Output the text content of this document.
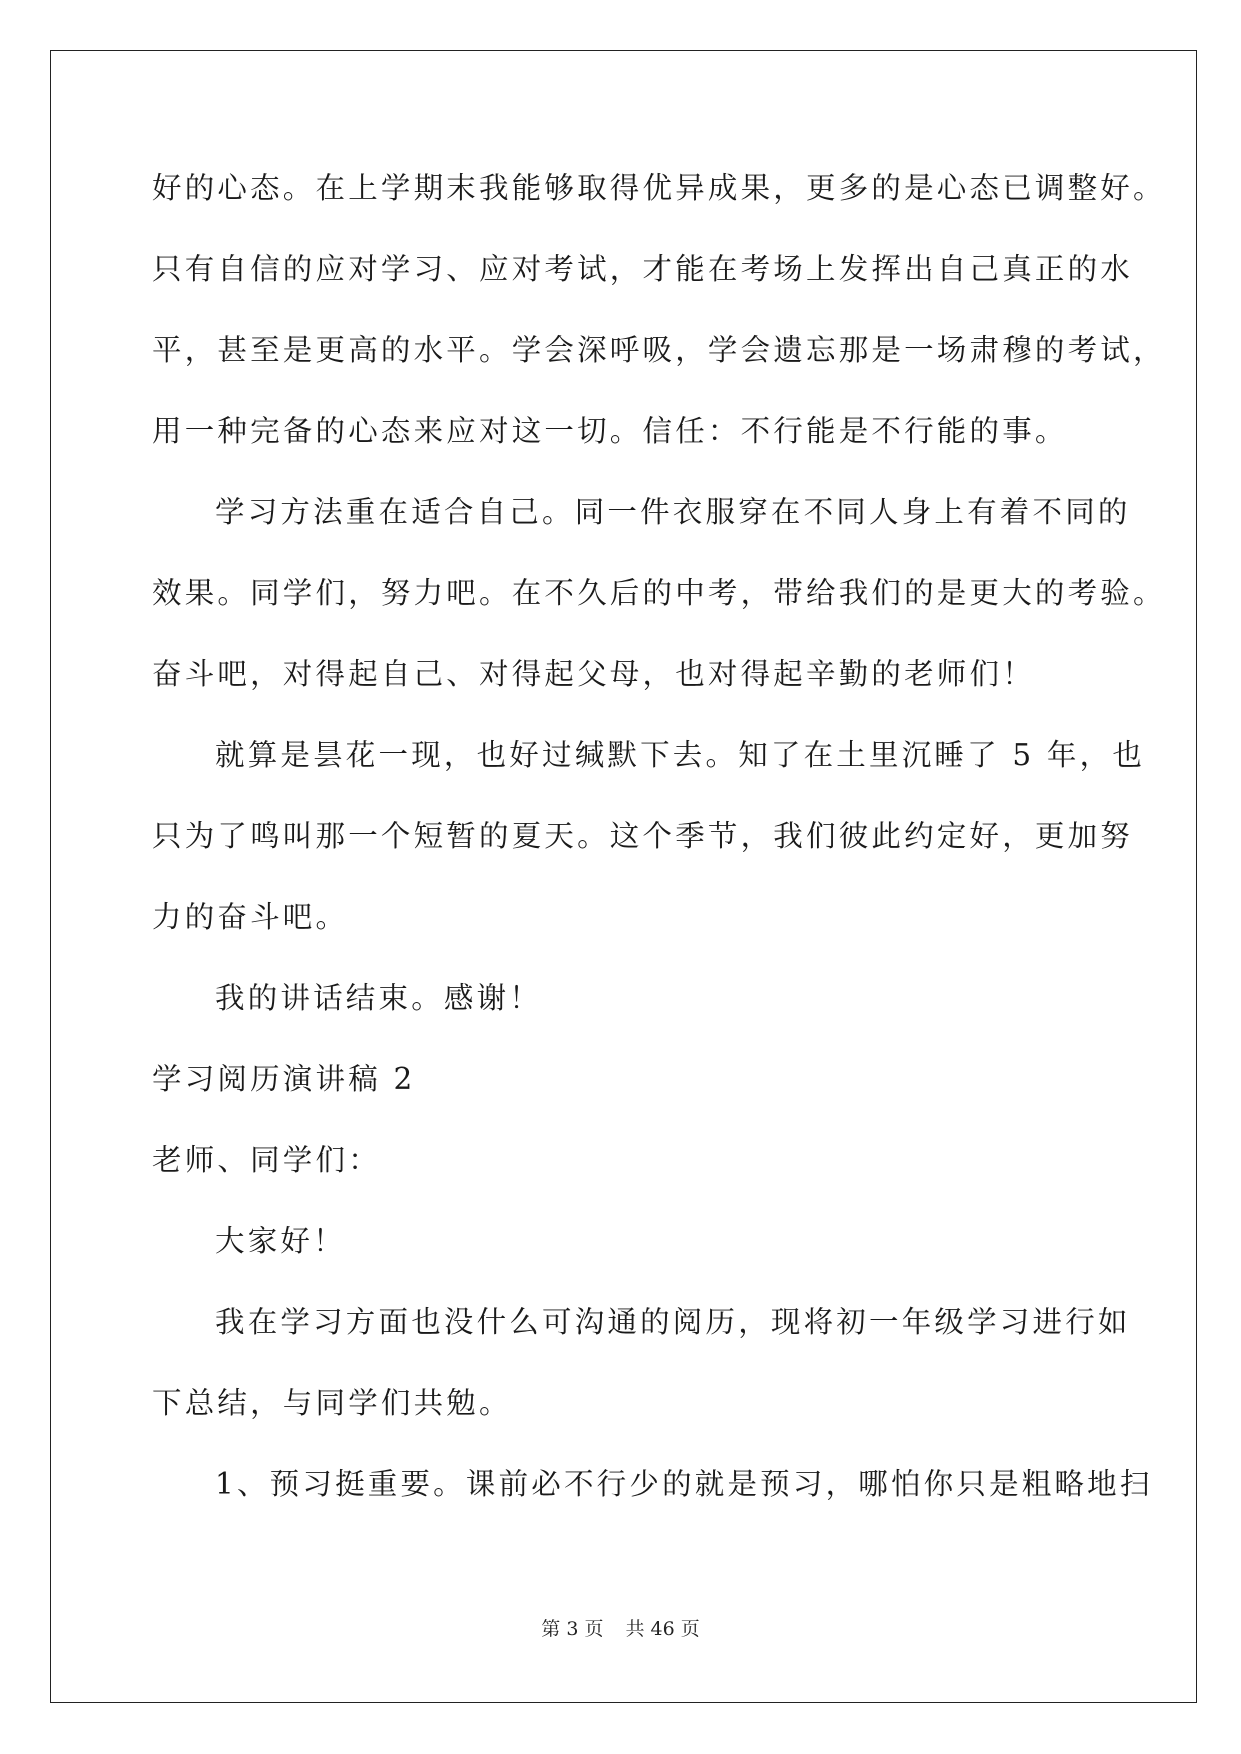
好的心态。在上学期末我能够取得优异成果，更多的是心态已调整好。
只有自信的应对学习、应对考试，才能在考场上发挥出自己真正的水
平，甚至是更高的水平。学会深呼吸，学会遗忘那是一场肃穆的考试，
用一种完备的心态来应对这一切。信任：不行能是不行能的事。
学习方法重在适合自己。同一件衣服穿在不同人身上有着不同的
效果。同学们，努力吧。在不久后的中考，带给我们的是更大的考验。
奋斗吧，对得起自己、对得起父母，也对得起辛勤的老师们！
就算是昙花一现，也好过缄默下去。知了在土里沉睡了 5 年，也
只为了鸣叫那一个短暂的夏天。这个季节，我们彼此约定好，更加努
力的奋斗吧。
我的讲话结束。感谢！
学习阅历演讲稿 2
老师、同学们：
大家好！
我在学习方面也没什么可沟通的阅历，现将初一年级学习进行如
下总结，与同学们共勉。
1、预习挺重要。课前必不行少的就是预习，哪怕你只是粗略地扫
第 3 页 共 46 页
